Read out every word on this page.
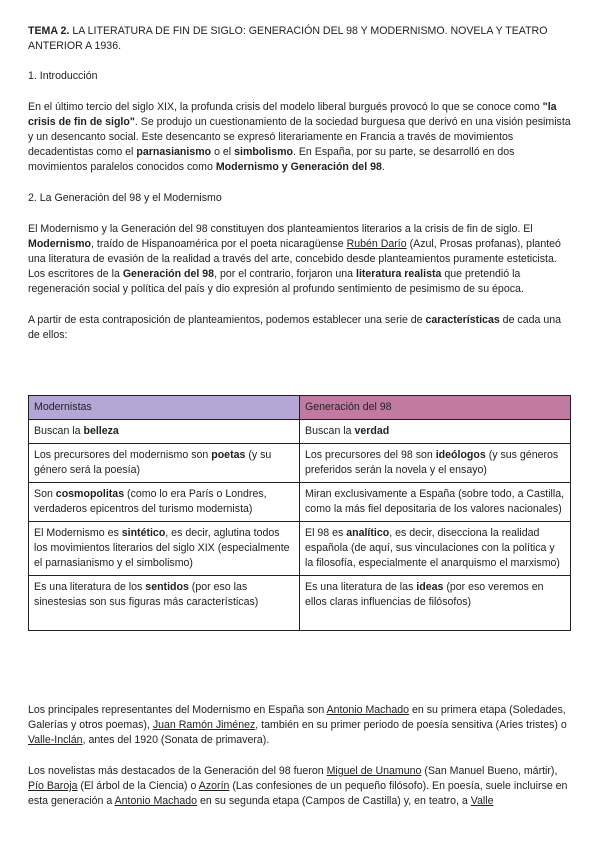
TEMA 2. LA LITERATURA DE FIN DE SIGLO: GENERACIÓN DEL 98 Y MODERNISMO. NOVELA Y TEATRO ANTERIOR A 1936.

1. Introducción

En el último tercio del siglo XIX, la profunda crisis del modelo liberal burgués provocó lo que se conoce como "la crisis de fin de siglo". Se produjo un cuestionamiento de la sociedad burguesa que derivó en una visión pesimista y un desencanto social. Este desencanto se expresó literariamente en Francia a través de movimientos decadentistas como el parnasianismo o el simbolismo. En España, por su parte, se desarrolló en dos movimientos paralelos conocidos como Modernismo y Generación del 98.

2. La Generación del 98 y el Modernismo

El Modernismo y la Generación del 98 constituyen dos planteamientos literarios a la crisis de fin de siglo. El Modernismo, traído de Hispanoamérica por el poeta nicaragüense Rubén Darío (Azul, Prosas profanas), planteó una literatura de evasión de la realidad a través del arte, concebido desde planteamientos puramente esteticista. Los escritores de la Generación del 98, por el contrario, forjaron una literatura realista que pretendió la regeneración social y política del país y dio expresión al profundo sentimiento de pesimismo de su época.

A partir de esta contraposición de planteamientos, podemos establecer una serie de características de cada una de ellos:

Modernistas	Generación del 98
Buscan la belleza	Buscan la verdad
Los precursores del modernismo son poetas (y su género será la poesía)	Los precursores del 98 son ideólogos (y sus géneros preferidos serán la novela y el ensayo)
Son cosmopolitas (como lo era París o Londres, verdaderos epicentros del turismo modernista)	Miran exclusivamente a España (sobre todo, a Castilla, como la más fiel depositaria de los valores nacionales)
El Modernismo es sintético, es decir, aglutina todos los movimientos literarios del siglo XIX (especialmente el parnasianismo y el simbolismo)	El 98 es analítico, es decir, disecciona la realidad española (de aquí, sus vinculaciones con la política y la filosofía, especialmente el anarquismo el marxismo)
Es una literatura de los sentidos (por eso las sinestesias son sus figuras más características)	Es una literatura de las ideas (por eso veremos en ellos claras influencias de filósofos)

Los principales representantes del Modernismo en España son Antonio Machado en su primera etapa (Soledades, Galerías y otros poemas), Juan Ramón Jiménez, también en su primer periodo de poesía sensitiva (Aries tristes) o Valle-Inclán, antes del 1920 (Sonata de primavera).

Los novelistas más destacados de la Generación del 98 fueron Miguel de Unamuno (San Manuel Bueno, mártir), Pío Baroja (El árbol de la Ciencia) o Azorín (Las confesiones de un pequeño filósofo). En poesía, suele incluirse en esta generación a Antonio Machado en su segunda etapa (Campos de Castilla) y, en teatro, a Valle
